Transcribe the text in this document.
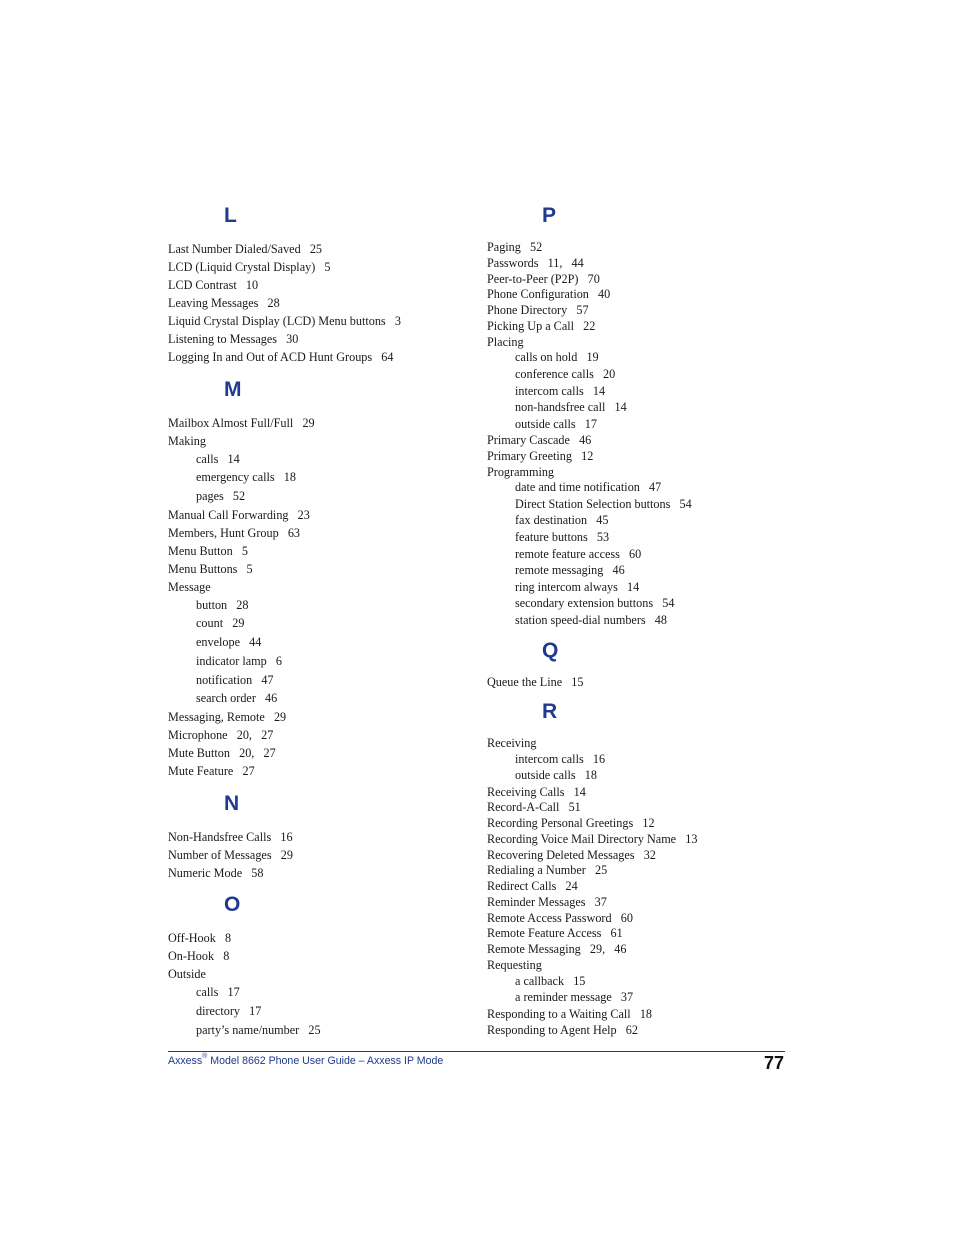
L
Last Number Dialed/Saved 25
LCD (Liquid Crystal Display) 5
LCD Contrast 10
Leaving Messages 28
Liquid Crystal Display (LCD) Menu buttons 3
Listening to Messages 30
Logging In and Out of ACD Hunt Groups 64
M
Mailbox Almost Full/Full 29
Making
calls 14
emergency calls 18
pages 52
Manual Call Forwarding 23
Members, Hunt Group 63
Menu Button 5
Menu Buttons 5
Message
button 28
count 29
envelope 44
indicator lamp 6
notification 47
search order 46
Messaging, Remote 29
Microphone 20,   27
Mute Button 20,   27
Mute Feature 27
N
Non-Handsfree Calls 16
Number of Messages 29
Numeric Mode 58
O
Off-Hook 8
On-Hook 8
Outside
calls 17
directory 17
party’s name/number 25
P
Paging 52
Passwords 11,   44
Peer-to-Peer (P2P) 70
Phone Configuration 40
Phone Directory 57
Picking Up a Call 22
Placing
calls on hold 19
conference calls 20
intercom calls 14
non-handsfree call 14
outside calls 17
Primary Cascade 46
Primary Greeting 12
Programming
date and time notification 47
Direct Station Selection buttons 54
fax destination 45
feature buttons 53
remote feature access 60
remote messaging 46
ring intercom always 14
secondary extension buttons 54
station speed-dial numbers 48
Q
Queue the Line 15
R
Receiving
intercom calls 16
outside calls 18
Receiving Calls 14
Record-A-Call 51
Recording Personal Greetings 12
Recording Voice Mail Directory Name 13
Recovering Deleted Messages 32
Redialing a Number 25
Redirect Calls 24
Reminder Messages 37
Remote Access Password 60
Remote Feature Access 61
Remote Messaging 29,   46
Requesting
a callback 15
a reminder message 37
Responding to a Waiting Call 18
Responding to Agent Help 62
Axxess® Model 8662 Phone User Guide – Axxess IP Mode	77
